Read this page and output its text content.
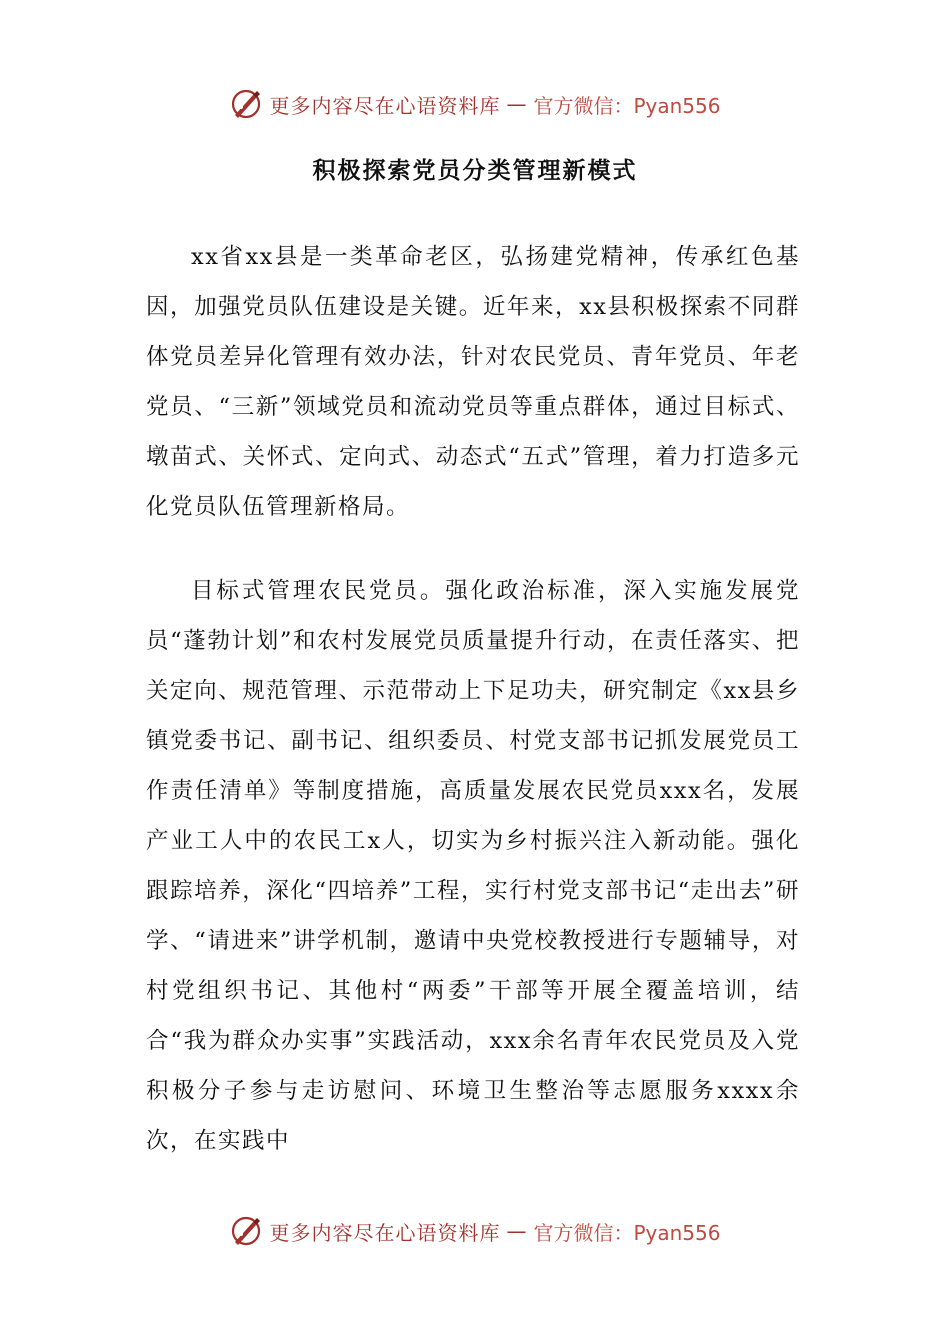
更多内容尽在心语资料库 — 官方微信：Pyan556
积极探索党员分类管理新模式

xx省xx县是一类革命老区，弘扬建党精神，传承红色基因，加强党员队伍建设是关键。近年来，xx县积极探索不同群体党员差异化管理有效办法，针对农民党员、青年党员、年老党员、“三新”领域党员和流动党员等重点群体，通过目标式、墩苗式、关怀式、定向式、动态式“五式”管理，着力打造多元化党员队伍管理新格局。

目标式管理农民党员。强化政治标准，深入实施发展党员“蓬勃计划”和农村发展党员质量提升行动，在责任落实、把关定向、规范管理、示范带动上下足功夫，研究制定《xx县乡镇党委书记、副书记、组织委员、村党支部书记抓发展党员工作责任清单》等制度措施，高质量发展农民党员xxx名，发展产业工人中的农民工x人，切实为乡村振兴注入新动能。强化跟踪培养，深化“四培养”工程，实行村党支部书记“走出去”研学、“请进来”讲学机制，邀请中央党校教授进行专题辅导，对村党组织书记、其他村“两委”干部等开展全覆盖培训，结合“我为群众办实事”实践活动，xxx余名青年农民党员及入党积极分子参与走访慰问、环境卫生整治等志愿服务xxxx余次，在实践中

更多内容尽在心语资料库 — 官方微信：Pyan556
